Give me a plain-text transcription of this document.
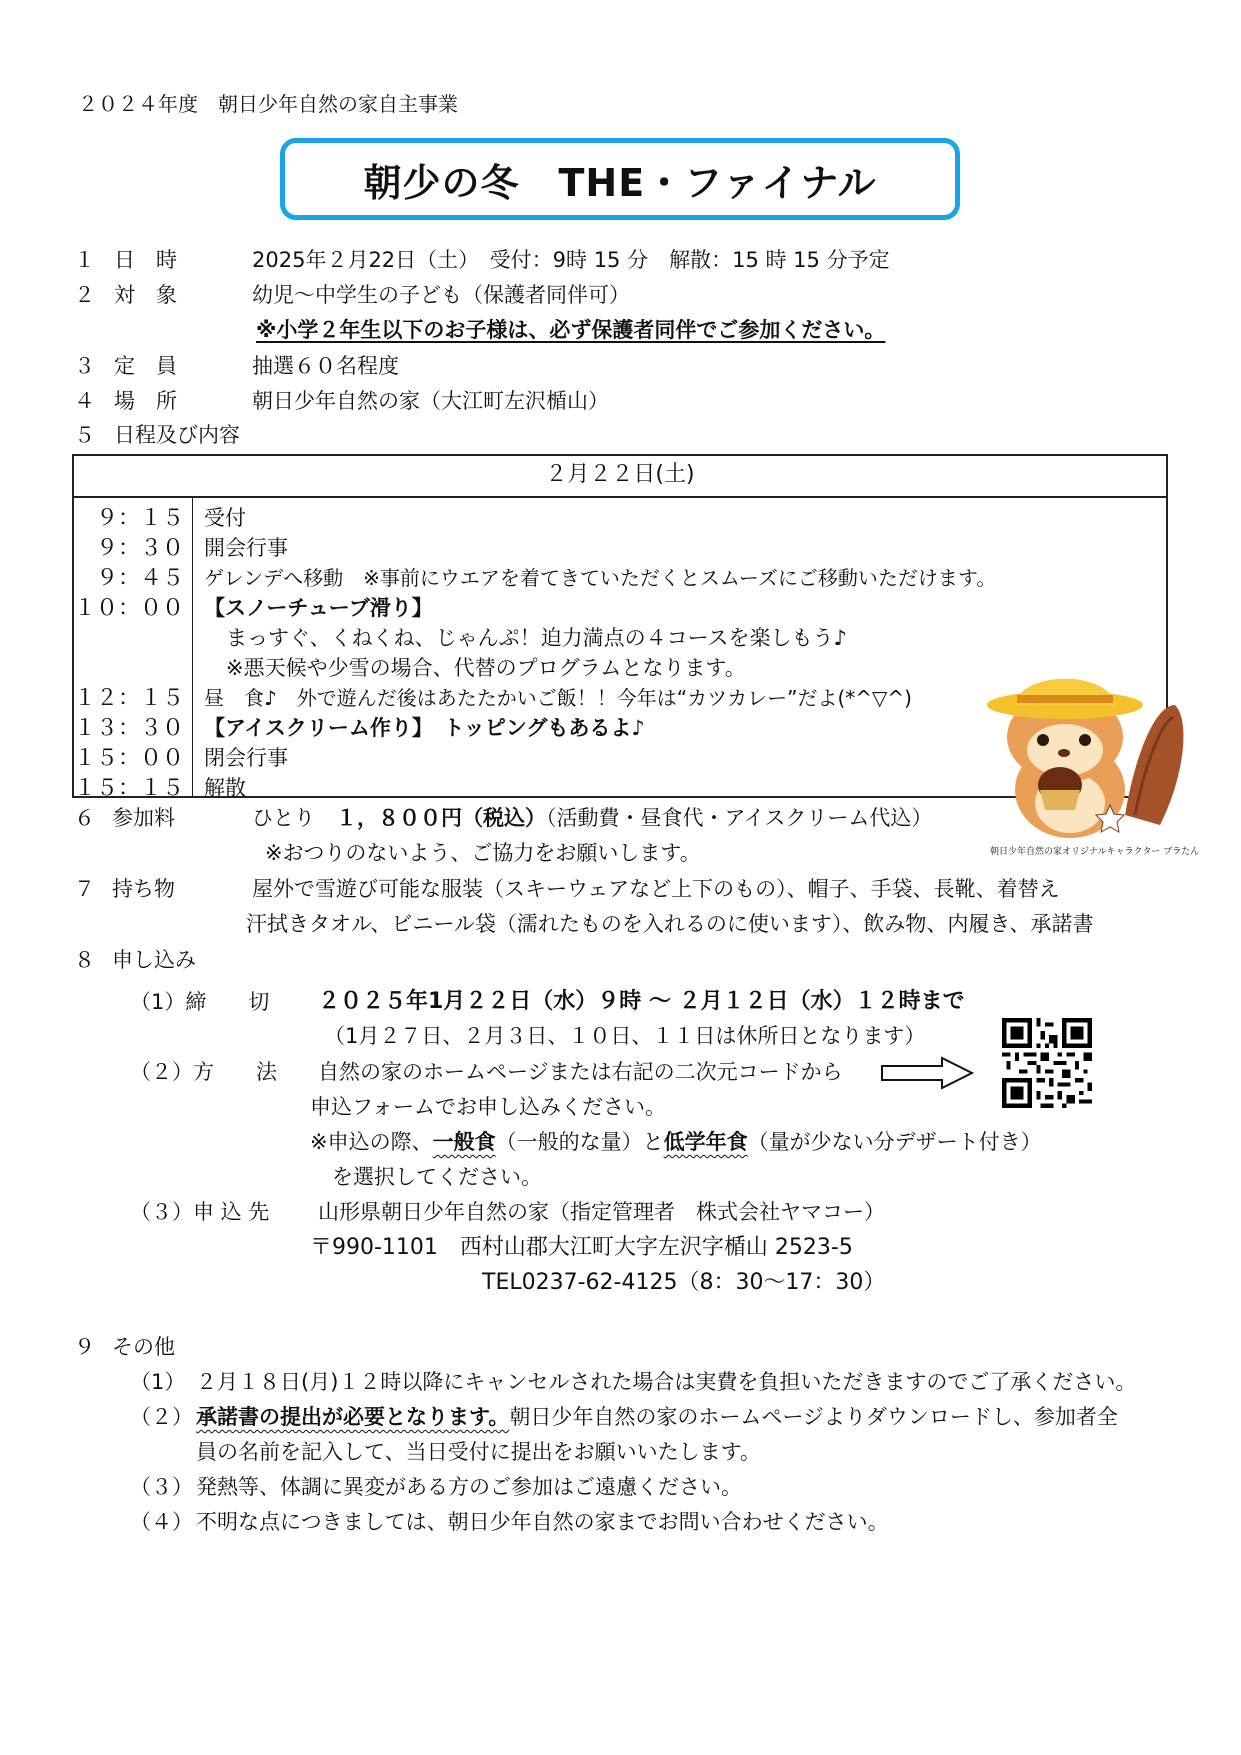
２０２４年度　朝日少年自然の家自主事業
朝少の冬　THE・ファイナル
１ 日　時	2025年２月22日（土）　受付：9時 15 分　解散：15 時 15 分予定
２ 対　象	幼児～中学生の子ども（保護者同伴可）
※小学２年生以下のお子様は、必ず保護者同伴でご参加ください。
３ 定　員	抽選６０名程度
４ 場　所	朝日少年自然の家（大江町左沢楯山）
５ 日程及び内容
２月２２日(土)
９：１５ 受付
９：３０ 開会行事
９：４５ ゲレンデへ移動　※事前にウエアを着てきていただくとスムーズにご移動いただけます。
１０：００ 【スノーチューブ滑り】
まっすぐ、くねくね、じゃんぷ！迫力満点の４コースを楽しもう♪
※悪天候や少雪の場合、代替のプログラムとなります。
１２：１５ 昼　食♪　外で遊んだ後はあたたかいご飯！！今年は“カツカレー”だよ(*^▽^)
１３：３０ 【アイスクリーム作り】　トッピングもあるよ♪
１５：００ 閉会行事
１５：１５ 解散
６ 参加料	ひとり　１，８００円（税込）（活動費・昼食代・アイスクリーム代込）
※おつりのないよう、ご協力をお願いします。	朝日少年自然の家オリジナルキャラクター ブラたん
７ 持ち物	屋外で雪遊び可能な服装（スキーウェアなど上下のもの）、帽子、手袋、長靴、着替え
汗拭きタオル、ビニール袋（濡れたものを入れるのに使います）、飲み物、内履き、承諾書
８ 申し込み
（1）締　　切 ２０２５年1月２２日（水）９時 ～ ２月１２日（水）１２時まで
（1月２７日、２月３日、１０日、１１日は休所日となります）
（２）方　　法 自然の家のホームページまたは右記の二次元コードから
申込フォームでお申し込みください。
※申込の際、一般食（一般的な量）と低学年食（量が少ない分デザート付き）
を選択してください。
（３）申 込 先 山形県朝日少年自然の家（指定管理者　株式会社ヤマコー）
〒990-1101　西村山郡大江町大字左沢字楯山 2523-5
TEL0237-62-4125（8：30～17：30）
９ その他
（1） ２月１８日(月)１２時以降にキャンセルされた場合は実費を負担いただきますのでご了承ください。
（２） 承諾書の提出が必要となります。朝日少年自然の家のホームページよりダウンロードし、参加者全
員の名前を記入して、当日受付に提出をお願いいたします。
（３） 発熱等、体調に異変がある方のご参加はご遠慮ください。
（４） 不明な点につきましては、朝日少年自然の家までお問い合わせください。
